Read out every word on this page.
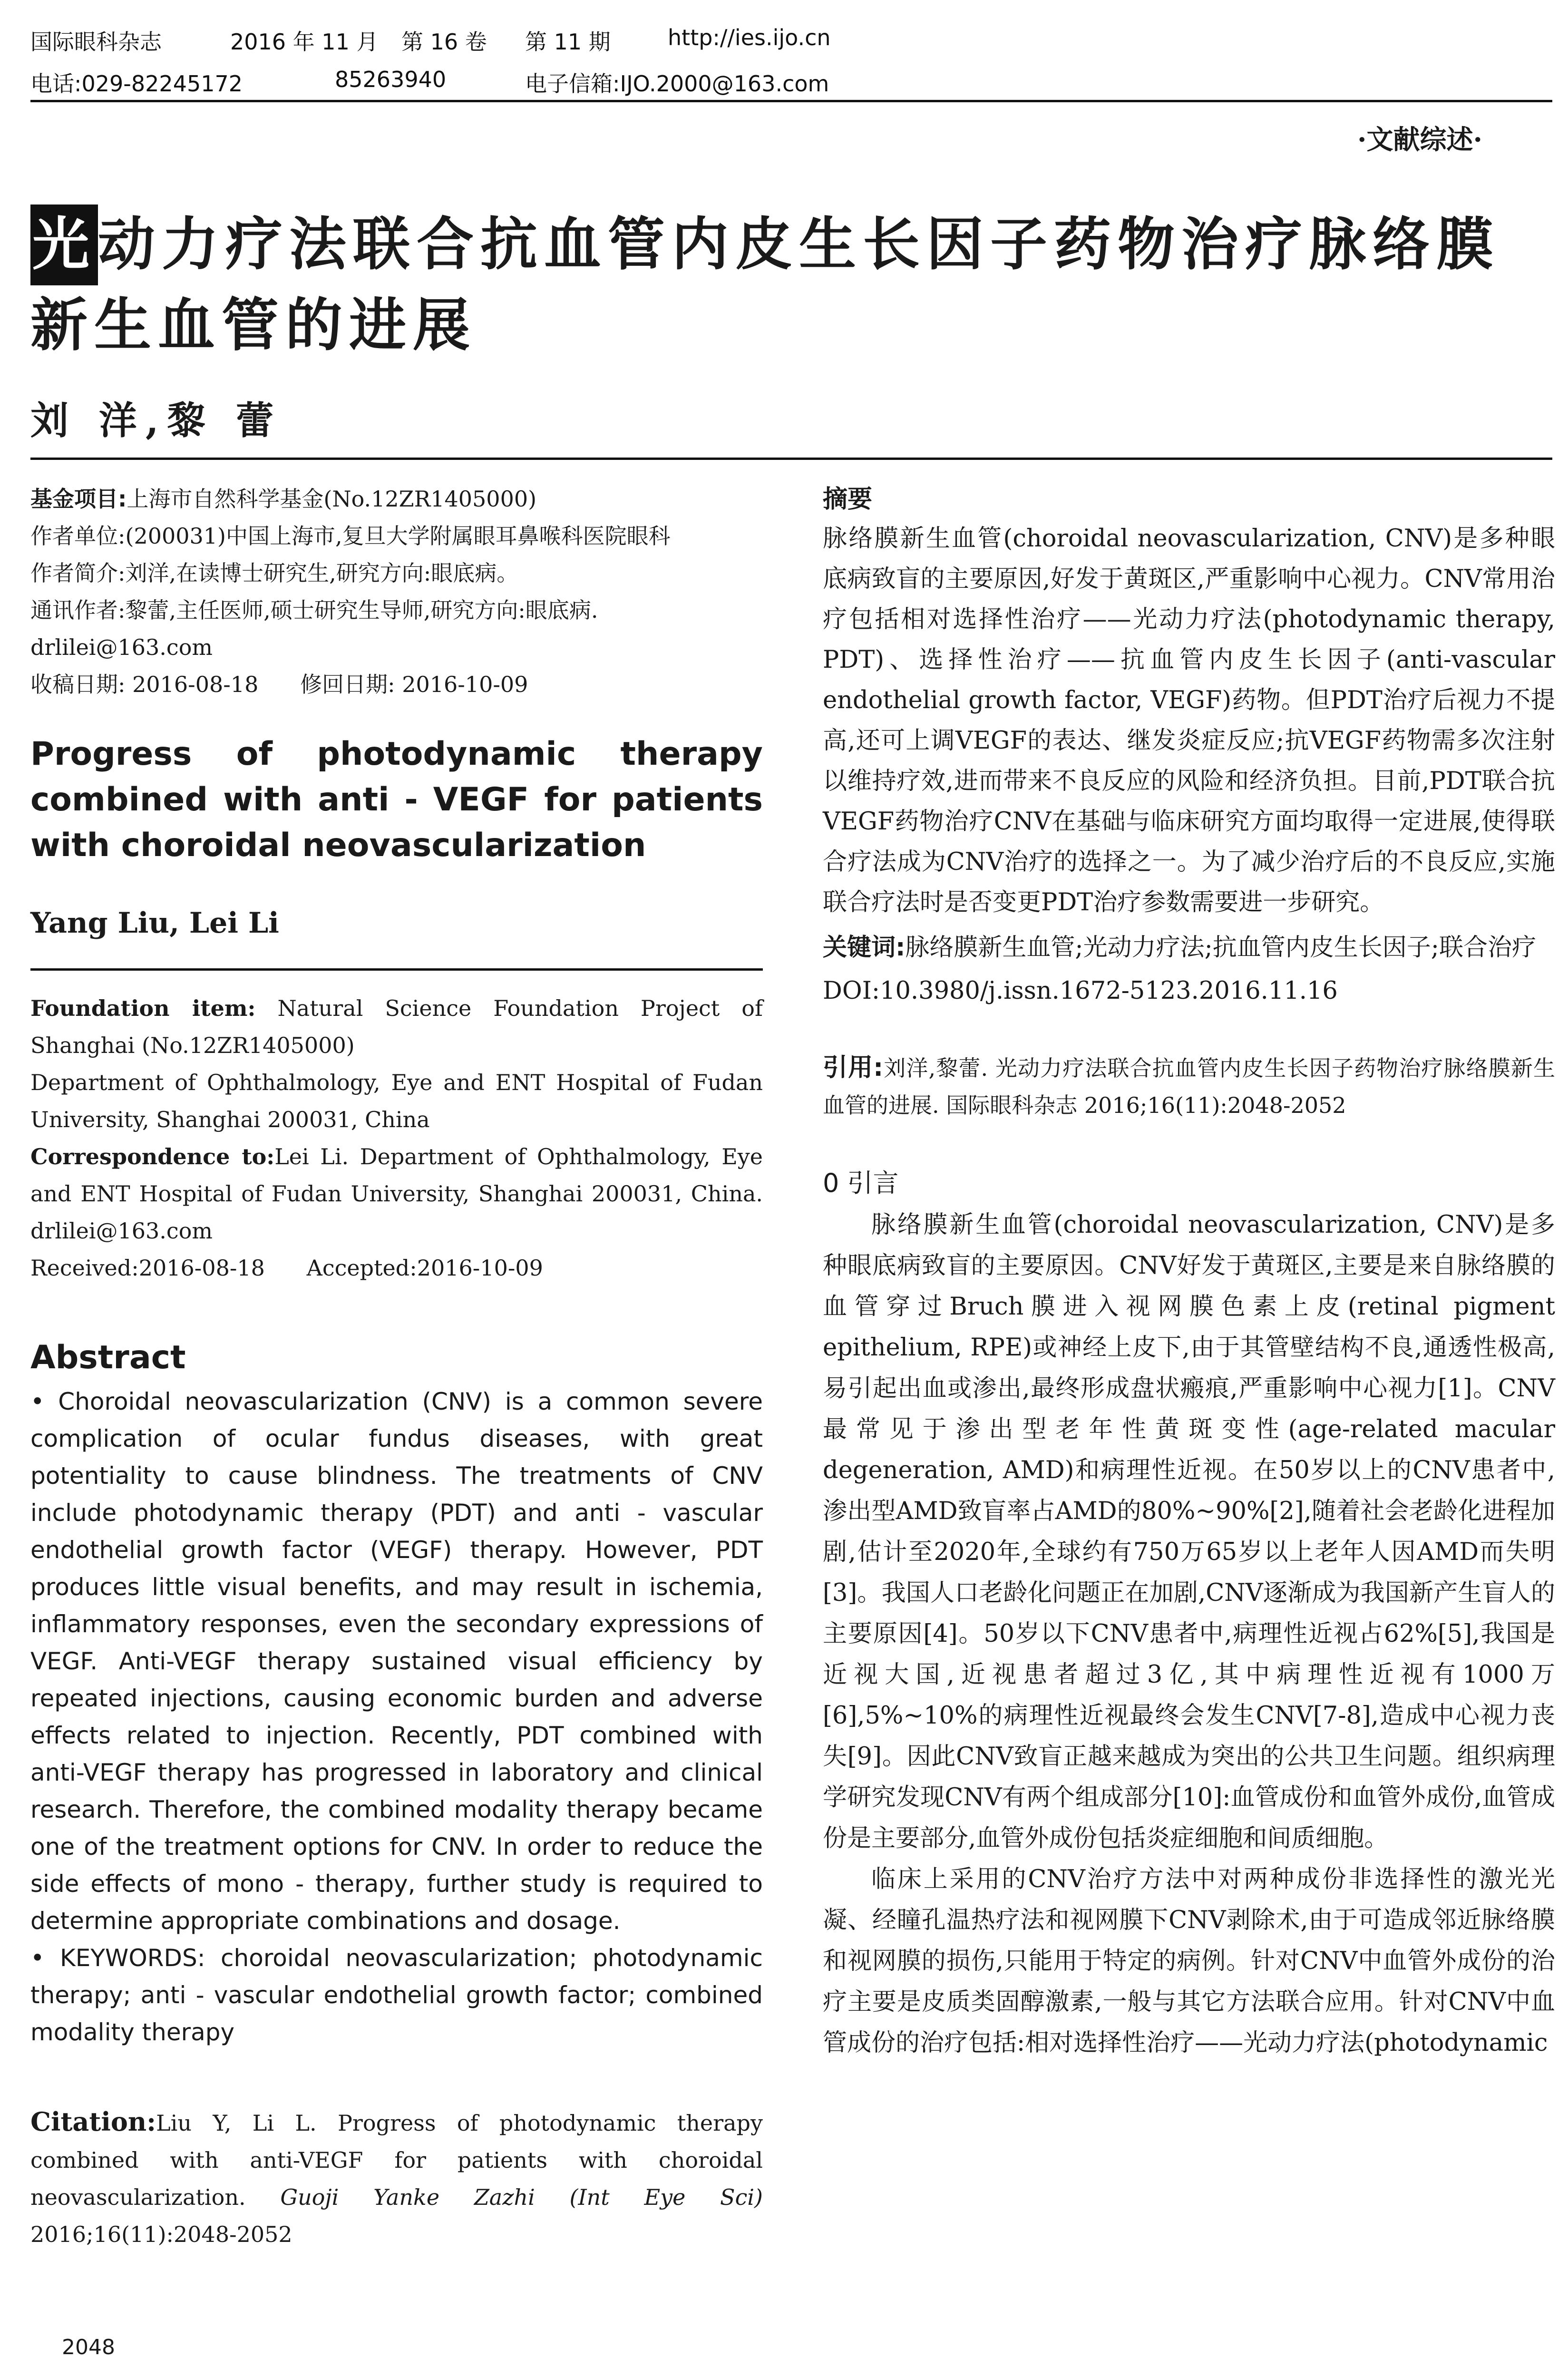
国际眼科杂志	2016 年 11 月 第 16 卷 第 11 期	http://ies.ijo.cn
电话:029-82245172	85263940	电子信箱:IJO.2000@163.com
·文献综述·
光动力疗法联合抗血管内皮生长因子药物治疗脉络膜新生血管的进展
刘 洋,黎 蕾
基金项目:上海市自然科学基金(No.12ZR1405000)
作者单位:(200031)中国上海市,复旦大学附属眼耳鼻喉科医院眼科
作者简介:刘洋,在读博士研究生,研究方向:眼底病。
通讯作者:黎蕾,主任医师,硕士研究生导师,研究方向:眼底病. drlilei@163.com
收稿日期: 2016-08-18      修回日期: 2016-10-09
Progress of photodynamic therapy combined with anti - VEGF for patients with choroidal neovascularization
Yang Liu, Lei Li
Foundation item: Natural Science Foundation Project of Shanghai (No.12ZR1405000)
Department of Ophthalmology, Eye and ENT Hospital of Fudan University, Shanghai 200031, China
Correspondence to:Lei Li. Department of Ophthalmology, Eye and ENT Hospital of Fudan University, Shanghai 200031, China. drlilei@163.com
Received:2016-08-18      Accepted:2016-10-09
Abstract
• Choroidal neovascularization (CNV) is a common severe complication of ocular fundus diseases, with great potentiality to cause blindness. The treatments of CNV include photodynamic therapy (PDT) and anti - vascular endothelial growth factor (VEGF) therapy. However, PDT produces little visual benefits, and may result in ischemia, inflammatory responses, even the secondary expressions of VEGF. Anti-VEGF therapy sustained visual efficiency by repeated injections, causing economic burden and adverse effects related to injection. Recently, PDT combined with anti-VEGF therapy has progressed in laboratory and clinical research. Therefore, the combined modality therapy became one of the treatment options for CNV. In order to reduce the side effects of mono - therapy, further study is required to determine appropriate combinations and dosage.
• KEYWORDS: choroidal neovascularization; photodynamic therapy; anti - vascular endothelial growth factor; combined modality therapy
Citation:Liu Y, Li L. Progress of photodynamic therapy combined with anti-VEGF for patients with choroidal neovascularization. Guoji Yanke Zazhi (Int Eye Sci) 2016;16(11):2048-2052
摘要
脉络膜新生血管(choroidal neovascularization, CNV)是多种眼底病致盲的主要原因,好发于黄斑区,严重影响中心视力。CNV常用治疗包括相对选择性治疗——光动力疗法(photodynamic therapy, PDT)、选择性治疗——抗血管内皮生长因子(anti-vascular endothelial growth factor, VEGF)药物。但PDT治疗后视力不提高,还可上调VEGF的表达、继发炎症反应;抗VEGF药物需多次注射以维持疗效,进而带来不良反应的风险和经济负担。目前,PDT联合抗VEGF药物治疗CNV在基础与临床研究方面均取得一定进展,使得联合疗法成为CNV治疗的选择之一。为了减少治疗后的不良反应,实施联合疗法时是否变更PDT治疗参数需要进一步研究。
关键词:脉络膜新生血管;光动力疗法;抗血管内皮生长因子;联合治疗
DOI:10.3980/j.issn.1672-5123.2016.11.16
引用:刘洋,黎蕾. 光动力疗法联合抗血管内皮生长因子药物治疗脉络膜新生血管的进展. 国际眼科杂志 2016;16(11):2048-2052
0 引言

脉络膜新生血管(choroidal neovascularization, CNV)是多种眼底病致盲的主要原因。CNV好发于黄斑区,主要是来自脉络膜的血管穿过Bruch膜进入视网膜色素上皮(retinal pigment epithelium, RPE)或神经上皮下,由于其管壁结构不良,通透性极高,易引起出血或渗出,最终形成盘状瘢痕,严重影响中心视力[1]。CNV最常见于渗出型老年性黄斑变性(age-related macular degeneration, AMD)和病理性近视。在50岁以上的CNV患者中,渗出型AMD致盲率占AMD的80%~90%[2],随着社会老龄化进程加剧,估计至2020年,全球约有750万65岁以上老年人因AMD而失明[3]。我国人口老龄化问题正在加剧,CNV逐渐成为我国新产生盲人的主要原因[4]。50岁以下CNV患者中,病理性近视占62%[5],我国是近视大国,近视患者超过3亿,其中病理性近视有1000万[6],5%~10%的病理性近视最终会发生CNV[7-8],造成中心视力丧失[9]。因此CNV致盲正越来越成为突出的公共卫生问题。组织病理学研究发现CNV有两个组成部分[10]:血管成份和血管外成份,血管成份是主要部分,血管外成份包括炎症细胞和间质细胞。

临床上采用的CNV治疗方法中对两种成份非选择性的激光光凝、经瞳孔温热疗法和视网膜下CNV剥除术,由于可造成邻近脉络膜和视网膜的损伤,只能用于特定的病例。针对CNV中血管外成份的治疗主要是皮质类固醇激素,一般与其它方法联合应用。针对CNV中血管成份的治疗包括:相对选择性治疗——光动力疗法(photodynamic

2048
